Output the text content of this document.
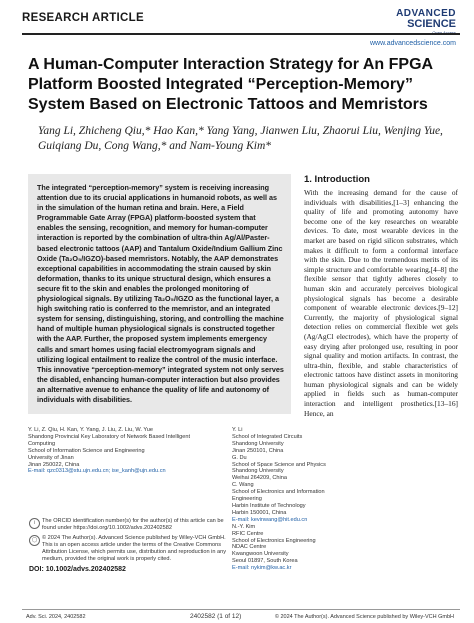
RESEARCH ARTICLE	ADVANCED
SCIENCE
www.advancedscience.com
A Human-Computer Interaction Strategy for An FPGA Platform Boosted Integrated “Perception-Memory” System Based on Electronic Tattoos and Memristors
Yang Li, Zhicheng Qiu,* Hao Kan,* Yang Yang, Jianwen Liu, Zhaorui Liu, Wenjing Yue, Guiqiang Du, Cong Wang,* and Nam-Young Kim*
The integrated “perception-memory” system is receiving increasing attention due to its crucial applications in humanoid robots, as well as in the simulation of the human retina and brain. Here, a Field Programmable Gate Array (FPGA) platform-boosted system that enables the sensing, recognition, and memory for human-computer interaction is reported by the combination of ultra-thin Ag/Al/Paster-based electronic tattoos (AAP) and Tantalum Oxide/Indium Gallium Zinc Oxide (Ta₂O₅/IGZO)-based memristors. Notably, the AAP demonstrates exceptional capabilities in accommodating the strain caused by skin deformation, thanks to its unique structural design, which ensures a secure fit to the skin and enables the prolonged monitoring of physiological signals. By utilizing Ta₂O₅/IGZO as the functional layer, a high switching ratio is conferred to the memristor, and an integrated system for sensing, distinguishing, storing, and controlling the machine hand of multiple human physiological signals is constructed together with the AAP. Further, the proposed system implements emergency calls and smart homes using facial electromyogram signals and utilizing logical entailment to realize the control of the music interface. This innovative “perception-memory” integrated system not only serves the disabled, enhancing human-computer interaction but also provides an alternative avenue to enhance the quality of life and autonomy of individuals with disabilities.
1. Introduction
With the increasing demand for the cause of individuals with disabilities,[1–3] enhancing the quality of life and promoting autonomy have become one of the key researches on wearable devices. To date, most wearable devices in the market are based on rigid silicon substrates, which makes it difficult to form a conformal interface with the skin. Due to the tremendous merits of its simple structure and comfortable wearing,[4–8] the flexible sensor that tightly adheres closely to human skin and accurately perceives biological physiological signals has become a desirable component of wearable electronic devices.[9–12] Currently, the majority of physiological signal detection relies on commercial flexible wet gels (Ag/AgCl electrodes), which have the property of easy drying after prolonged use, resulting in poor signal quality and motion artifacts. In contrast, the ultra-thin, flexible, and stable characteristics of electronic tattoos have distinct assets in monitoring human physiological signals and can be widely applied in fields such as human-computer interaction and intelligent prosthetics.[13–16] Hence, an
Y. Li, Z. Qiu, H. Kan, Y. Yang, J. Liu, Z. Liu, W. Yue
Shandong Provincial Key Laboratory of Network Based Intelligent
Computing
School of Information Science and Engineering
University of Jinan
Jinan 250022, China
E-mail: qzc0313@stu.ujn.edu.cn; ise_kanh@ujn.edu.cn
Y. Li
School of Integrated Circuits
Shandong University
Jinan 250101, China
G. Du
School of Space Science and Physics
Shandong University
Weihai 264209, China
C. Wang
School of Electronics and Information Engineering
Harbin Institute of Technology
Harbin 150001, China
E-mail: kevinwang@hit.edu.cn
N.-Y. Kim
RFIC Centre
School of Electronics Engineering
NDAC Centre
Kwangwoon University
Seoul 01897, South Korea
E-mail: nykim@kw.ac.kr
i	The ORCID identification number(s) for the author(s) of this article can be found under https://doi.org/10.1002/advs.202402582
◯ © 2024 The Author(s). Advanced Science published by Wiley-VCH GmbH. This is an open access article under the terms of the Creative Commons Attribution License, which permits use, distribution and reproduction in any medium, provided the original work is properly cited.
DOI: 10.1002/advs.202402582
Adv. Sci. 2024, 2402582	2402582 (1 of 12)	© 2024 The Author(s). Advanced Science published by Wiley-VCH GmbH
